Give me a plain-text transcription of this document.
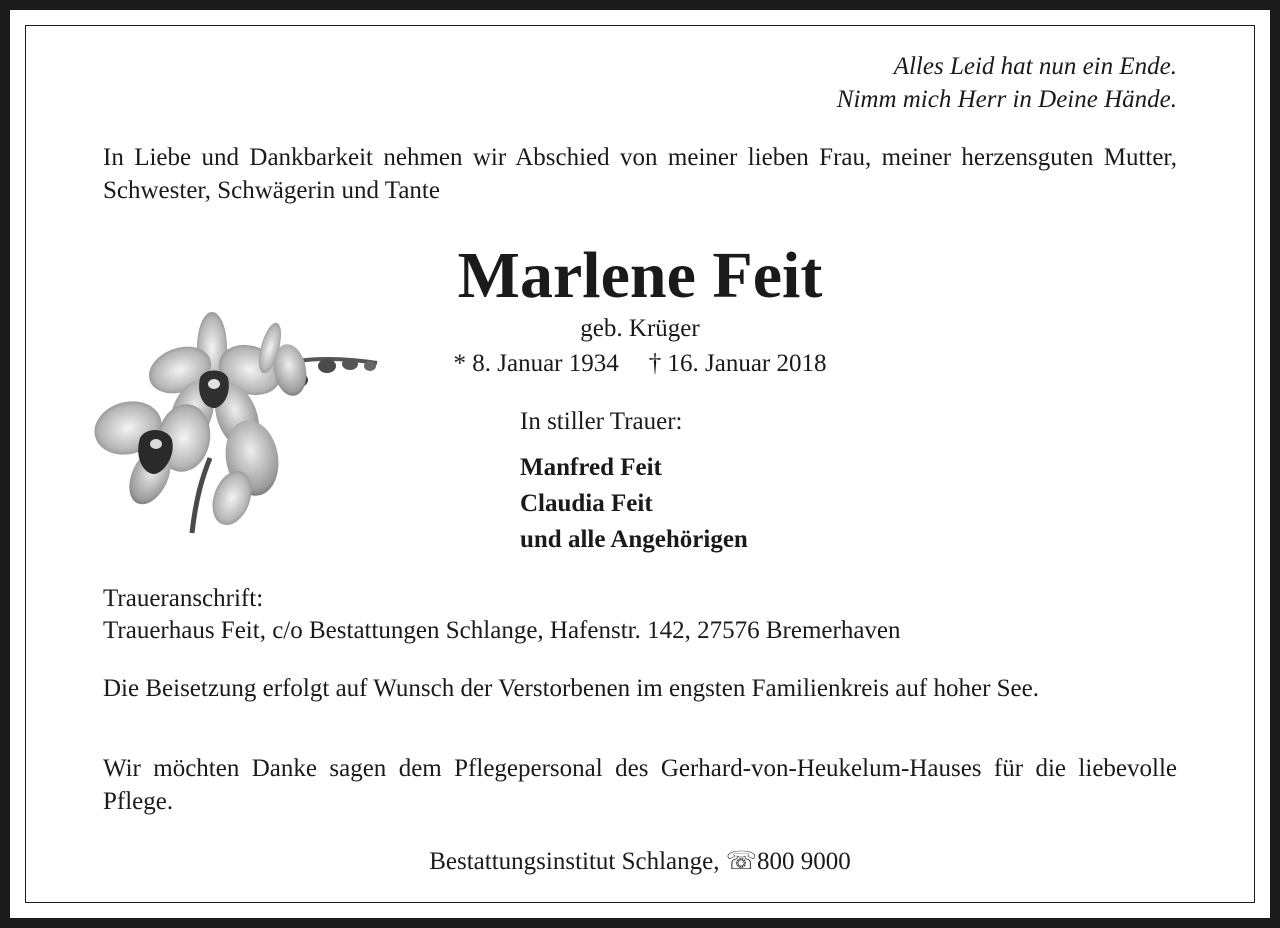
Alles Leid hat nun ein Ende.
Nimm mich Herr in Deine Hände.
In Liebe und Dankbarkeit nehmen wir Abschied von meiner lieben Frau, meiner herzensguten Mutter, Schwester, Schwägerin und Tante
Marlene Feit
geb. Krüger
* 8. Januar 1934 † 16. Januar 2018
In stiller Trauer:
Manfred Feit
Claudia Feit
und alle Angehörigen
Traueranschrift:
Trauerhaus Feit, c/o Bestattungen Schlange, Hafenstr. 142, 27576 Bremerhaven
Die Beisetzung erfolgt auf Wunsch der Verstorbenen im engsten Familienkreis auf hoher See.
Wir möchten Danke sagen dem Pflegepersonal des Gerhard-von-Heukelum-Hauses für die liebevolle Pflege.
Bestattungsinstitut Schlange, ☏800 9000
